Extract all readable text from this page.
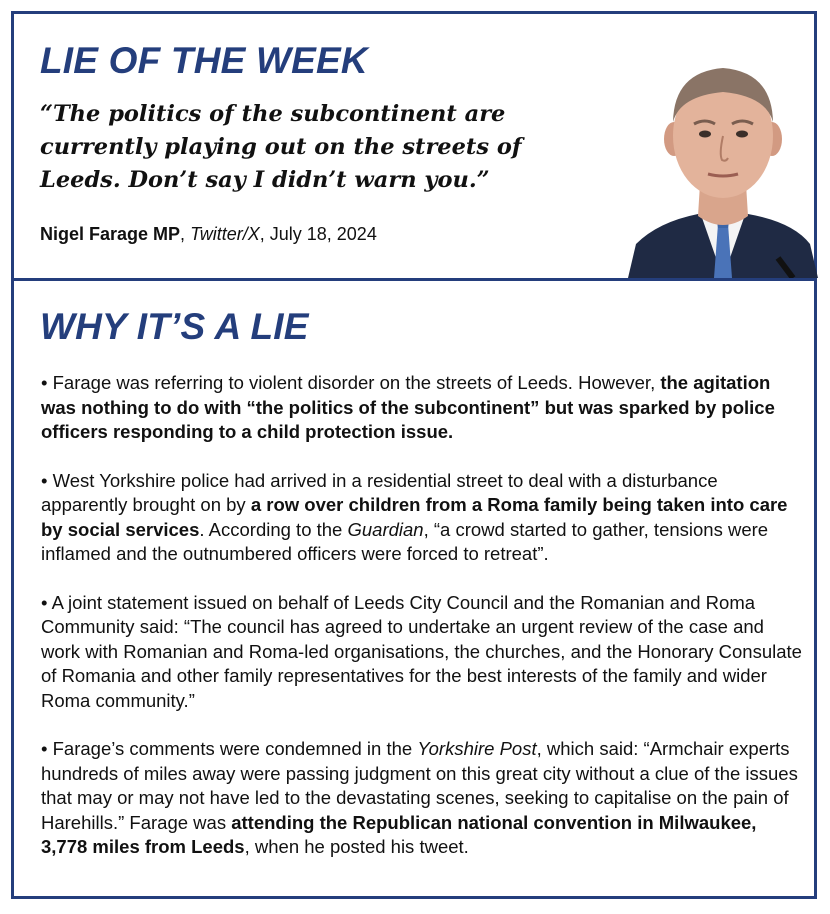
LIE OF THE WEEK

“The politics of the subcontinent are currently playing out on the streets of Leeds. Don’t say I didn’t warn you.”

Nigel Farage MP, Twitter/X, July 18, 2024

WHY IT’S A LIE

• Farage was referring to violent disorder on the streets of Leeds. However, the agitation was nothing to do with “the politics of the subcontinent” but was sparked by police officers responding to a child protection issue.

• West Yorkshire police had arrived in a residential street to deal with a disturbance apparently brought on by a row over children from a Roma family being taken into care by social services. According to the Guardian, “a crowd started to gather, tensions were inflamed and the outnumbered officers were forced to retreat”.

• A joint statement issued on behalf of Leeds City Council and the Romanian and Roma Community said: “The council has agreed to undertake an urgent review of the case and work with Romanian and Roma-led organisations, the churches, and the Honorary Consulate of Romania and other family representatives for the best interests of the family and wider Roma community.”

• Farage’s comments were condemned in the Yorkshire Post, which said: “Armchair experts hundreds of miles away were passing judgment on this great city without a clue of the issues that may or may not have led to the devastating scenes, seeking to capitalise on the pain of Harehills.” Farage was attending the Republican national convention in Milwaukee, 3,778 miles from Leeds, when he posted his tweet.
